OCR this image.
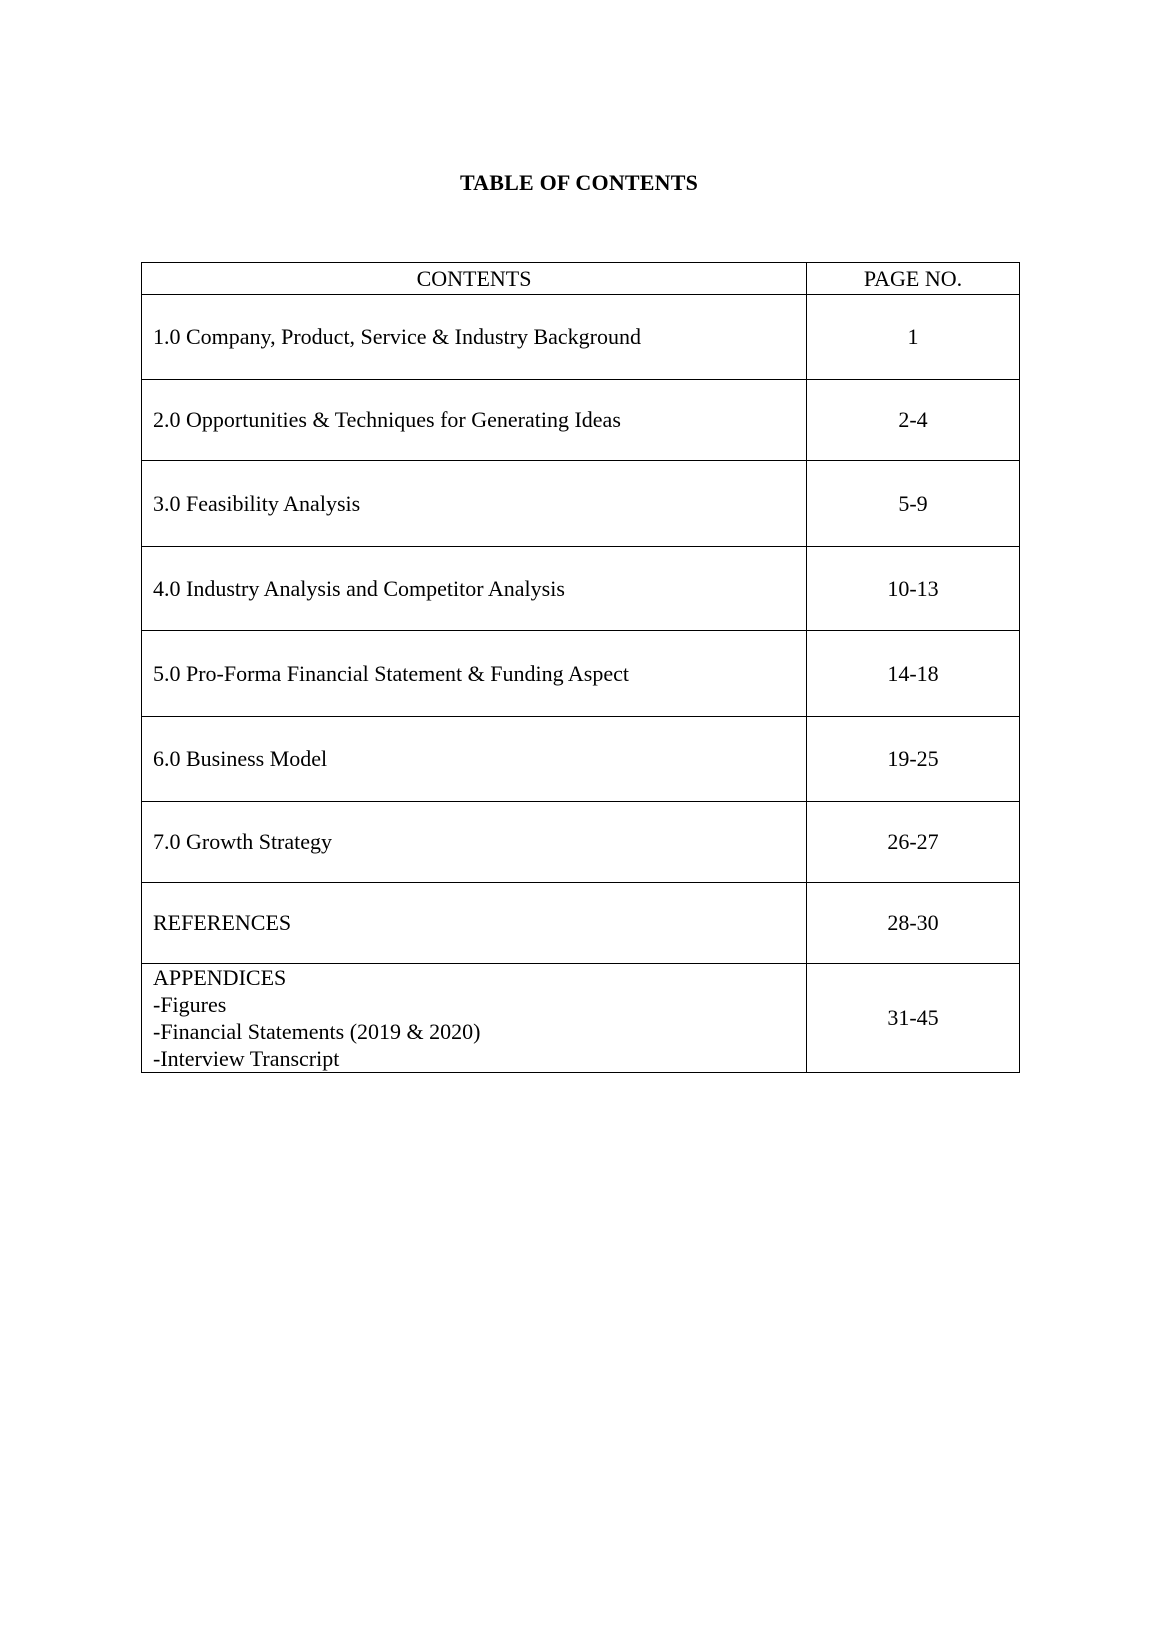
TABLE OF CONTENTS
CONTENTS	PAGE NO.
1.0 Company, Product, Service & Industry Background	1
2.0 Opportunities & Techniques for Generating Ideas	2-4
3.0 Feasibility Analysis	5-9
4.0 Industry Analysis and Competitor Analysis	10-13
5.0 Pro-Forma Financial Statement & Funding Aspect	14-18
6.0 Business Model	19-25
7.0 Growth Strategy	26-27
REFERENCES	28-30

APPENDICES
-Figures
-Financial Statements (2019 & 2020)
-Interview Transcript	31-45
